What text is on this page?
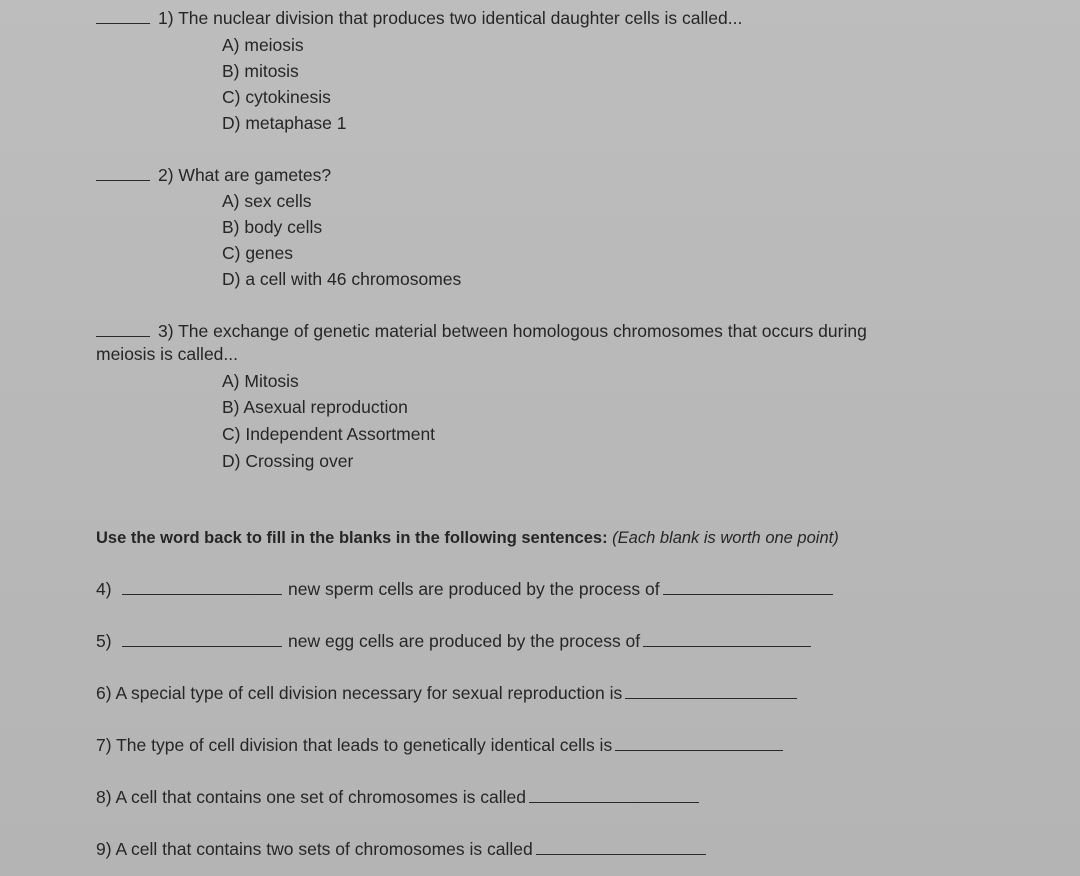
1) The nuclear division that produces two identical daughter cells is called...
A) meiosis
B) mitosis
C) cytokinesis
D) metaphase 1
2) What are gametes?
A) sex cells
B) body cells
C) genes
D) a cell with 46 chromosomes
3) The exchange of genetic material between homologous chromosomes that occurs during
meiosis is called...
A) Mitosis
B) Asexual reproduction
C) Independent Assortment
D) Crossing over
Use the word back to fill in the blanks in the following sentences: (Each blank is worth one point)
4)	new sperm cells are produced by the process of
5)	new egg cells are produced by the process of
6) A special type of cell division necessary for sexual reproduction is
7) The type of cell division that leads to genetically identical cells is
8) A cell that contains one set of chromosomes is called
9) A cell that contains two sets of chromosomes is called
